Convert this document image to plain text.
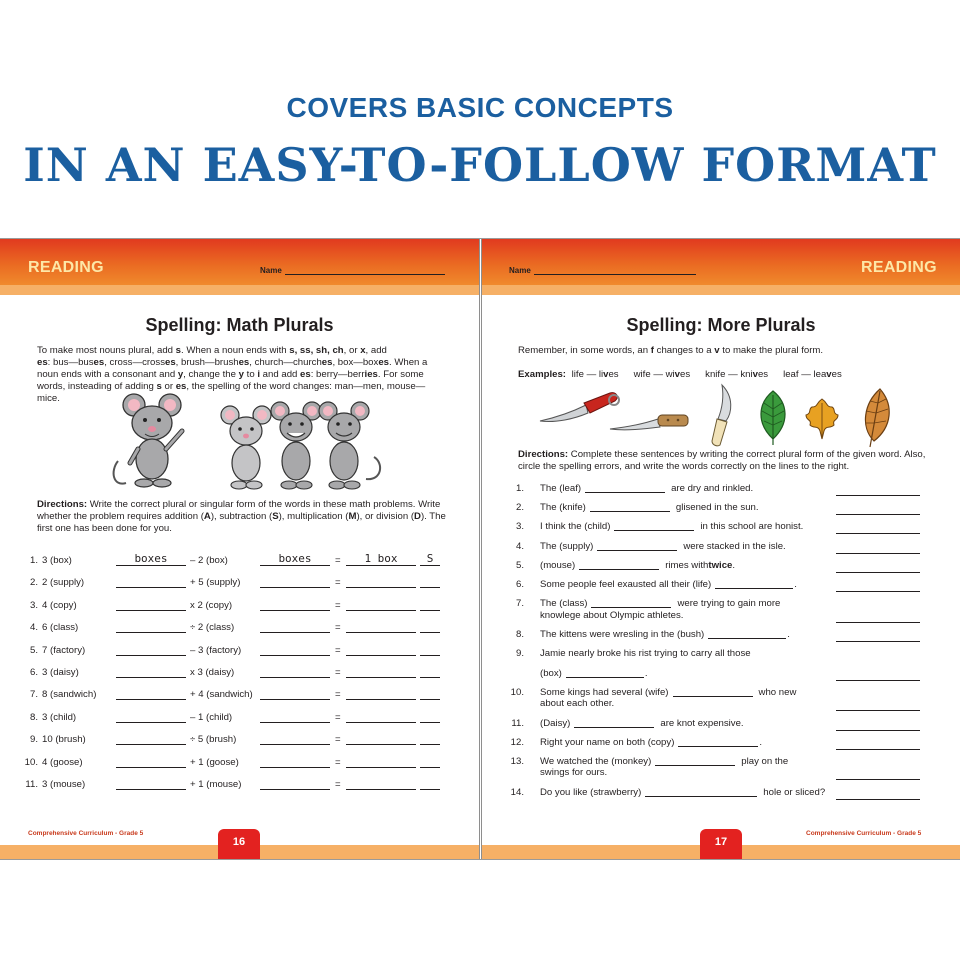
COVERS BASIC CONCEPTS
IN AN EASY-TO-FOLLOW FORMAT
READING	Name
Spelling: Math Plurals
To make most nouns plural, add s. When a noun ends with s, ss, sh, ch, or x, add
es: bus—buses, cross—crosses, brush—brushes, church—churches, box—boxes. When a noun ends with a consonant and y, change the y to i and add es: berry—berries. For some words, insteading of adding s or es, the spelling of the word changes: man—men, mouse—mice.
Directions: Write the correct plural or singular form of the words in these math problems. Write whether the problem requires addition (A), subtraction (S), multiplication (M), or division (D). The first one has been done for you.
1. 3 (box)	boxes	– 2 (box)	boxes	=	1 box	S
2. 2 (supply)	+ 5 (supply)	=
3. 4 (copy)	x 2 (copy)	=
4. 6 (class)	÷ 2 (class)	=
5. 7 (factory)	– 3 (factory)	=
6. 3 (daisy)	x 3 (daisy)	=
7. 8 (sandwich)	+ 4 (sandwich)	=
8. 3 (child)	– 1 (child)	=
9. 10 (brush)	÷ 5 (brush)	=
10. 4 (goose)	+ 1 (goose)	=
11. 3 (mouse)	+ 1 (mouse)	=
Comprehensive Curriculum - Grade 5
16
READING
Name
Spelling: More Plurals
Remember, in some words, an f changes to a v to make the plural form.
Examples: life — lives wife — wives knife — knives leaf — leaves
Directions: Complete these sentences by writing the correct plural form of the given word. Also, circle the spelling errors, and write the words correctly on the lines to the right.
1. The (leaf)	are dry and rinkled.
2. The (knife)	glisened in the sun.
3. I think the (child)	in this school are honist.
4. The (supply)	were stacked in the isle.
5. (mouse)	rimes with twice .
6. Some people feel exausted all their (life)	.
7. The (class)	were trying to gain more
knowlege about Olympic athletes.
8. The kittens were wresling in the (bush)	.
9. Jamie nearly broke his rist trying to carry all those
(box)	.
10. Some kings had several (wife)	who new
about each other.
11. (Daisy)	are knot expensive.
12. Right your name on both (copy)	.
13. We watched the (monkey)	play on the
swings for ours.
14. Do you like (strawberry)	hole or sliced?
Comprehensive Curriculum - Grade 5
17
